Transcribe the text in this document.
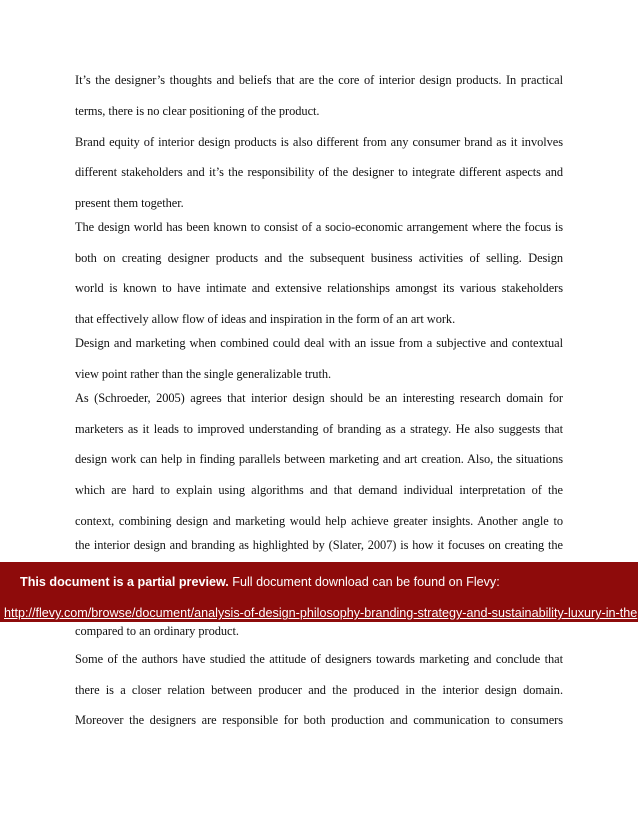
It’s the designer’s thoughts and beliefs that are the core of interior design products. In practical
terms, there is no clear positioning of the product.
Brand equity of interior design products is also different from any consumer brand as it involves
different stakeholders and it’s the responsibility of the designer to integrate different aspects and
present them together.
The design world has been known to consist of a socio-economic arrangement where the focus is
both on creating designer products and the subsequent business activities of selling. Design
world is known to have intimate and extensive relationships amongst its various stakeholders
that effectively allow flow of ideas and inspiration in the form of an art work.
Design and marketing when combined could deal with an issue from a subjective and contextual
view point rather than the single generalizable truth.
As (Schroeder, 2005) agrees that interior design should be an interesting research domain for
marketers as it leads to improved understanding of branding as a strategy. He also suggests that
design work can help in finding parallels between marketing and art creation. Also, the situations
which are hard to explain using algorithms and that demand individual interpretation of the
context, combining design and marketing would help achieve greater insights. Another angle to
the interior design and branding as highlighted by (Slater, 2007) is how it focuses on creating the
compared to an ordinary product.
Some of the authors have studied the attitude of designers towards marketing and conclude that
there is a closer relation between producer and the produced in the interior design domain.
Moreover the designers are responsible for both production and communication to consumers
This document is a partial preview. Full document download can be found on Flevy:
http://flevy.com/browse/document/analysis-of-design-philosophy-branding-strategy-and-sustainability-luxury-in-the
